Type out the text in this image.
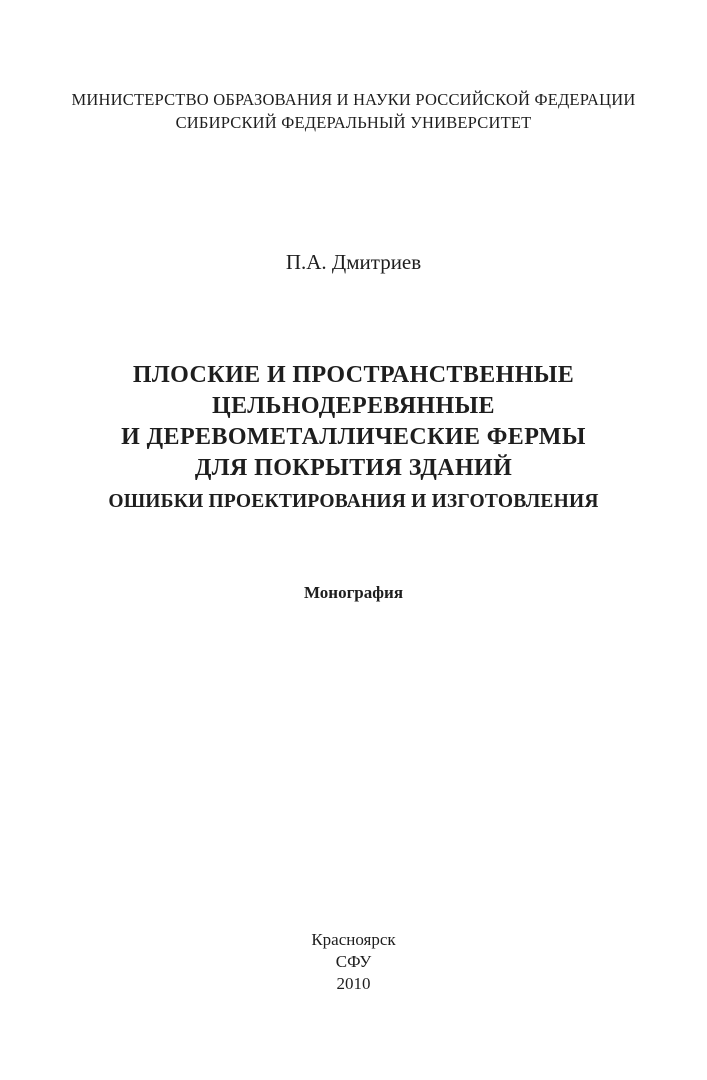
МИНИСТЕРСТВО ОБРАЗОВАНИЯ И НАУКИ РОССИЙСКОЙ ФЕДЕРАЦИИ
СИБИРСКИЙ ФЕДЕРАЛЬНЫЙ УНИВЕРСИТЕТ
П.А. Дмитриев
ПЛОСКИЕ И ПРОСТРАНСТВЕННЫЕ
ЦЕЛЬНОДЕРЕВЯННЫЕ
И ДЕРЕВОМЕТАЛЛИЧЕСКИЕ ФЕРМЫ
ДЛЯ ПОКРЫТИЯ ЗДАНИЙ
ОШИБКИ ПРОЕКТИРОВАНИЯ И ИЗГОТОВЛЕНИЯ
Монография
Красноярск
СФУ
2010
